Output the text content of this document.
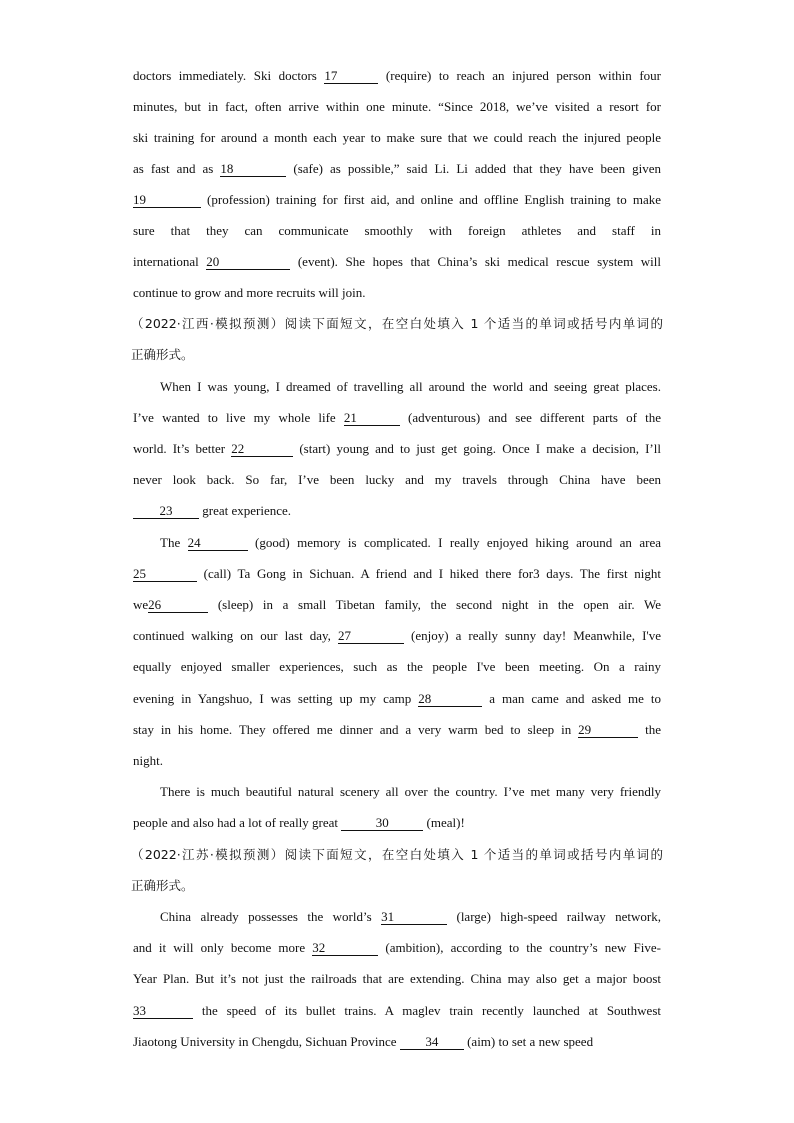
doctors immediately. Ski doctors 17	(require) to reach an injured person within four
minutes, but in fact, often arrive within one minute. “Since 2018, we’ve visited a resort for
ski training for around a month each year to make sure that we could reach the injured people
as fast and as 18	(safe) as possible,” said Li. Li added that they have been given
19	(profession) training for first aid, and online and offline English training to make
sure that they can communicate smoothly with foreign athletes and staff in
international 20	(event). She hopes that China’s ski medical rescue system will
continue to grow and more recruits will join.
（2022·江西·模拟预测）阅读下面短文，在空白处填入 1 个适当的单词或括号内单词的
正确形式。
When I was young, I dreamed of travelling all around the world and seeing great places.
I’ve wanted to live my whole life 21	(adventurous) and see different parts of the
world. It’s better 22	(start) young and to just get going. Once I make a decision, I’ll
never look back. So far, I’ve been lucky and my travels through China have been
23 great experience.
The 24	(good) memory is complicated. I really enjoyed hiking around an area
25	(call) Ta Gong in Sichuan. A friend and I hiked there for3 days. The first night
we26	(sleep) in a small Tibetan family, the second night in the open air. We
continued walking on our last day, 27	(enjoy) a really sunny day! Meanwhile, I've
equally enjoyed smaller experiences, such as the people I've been meeting. On a rainy
evening in Yangshuo, I was setting up my camp 28	a man came and asked me to
stay in his home. They offered me dinner and a very warm bed to sleep in 29	the
night.
There is much beautiful natural scenery all over the country. I’ve met many very friendly
people and also had a lot of really great	30	(meal)!
（2022·江苏·模拟预测）阅读下面短文，在空白处填入 1 个适当的单词或括号内单词的
正确形式。
China already possesses the world’s 31	(large) high-speed railway network,
and it will only become more 32	(ambition), according to the country’s new Five-
Year Plan. But it’s not just the railroads that are extending. China may also get a major boost
33	the speed of its bullet trains. A maglev train recently launched at Southwest
Jiaotong University in Chengdu, Sichuan Province 34 (aim) to set a new speed
